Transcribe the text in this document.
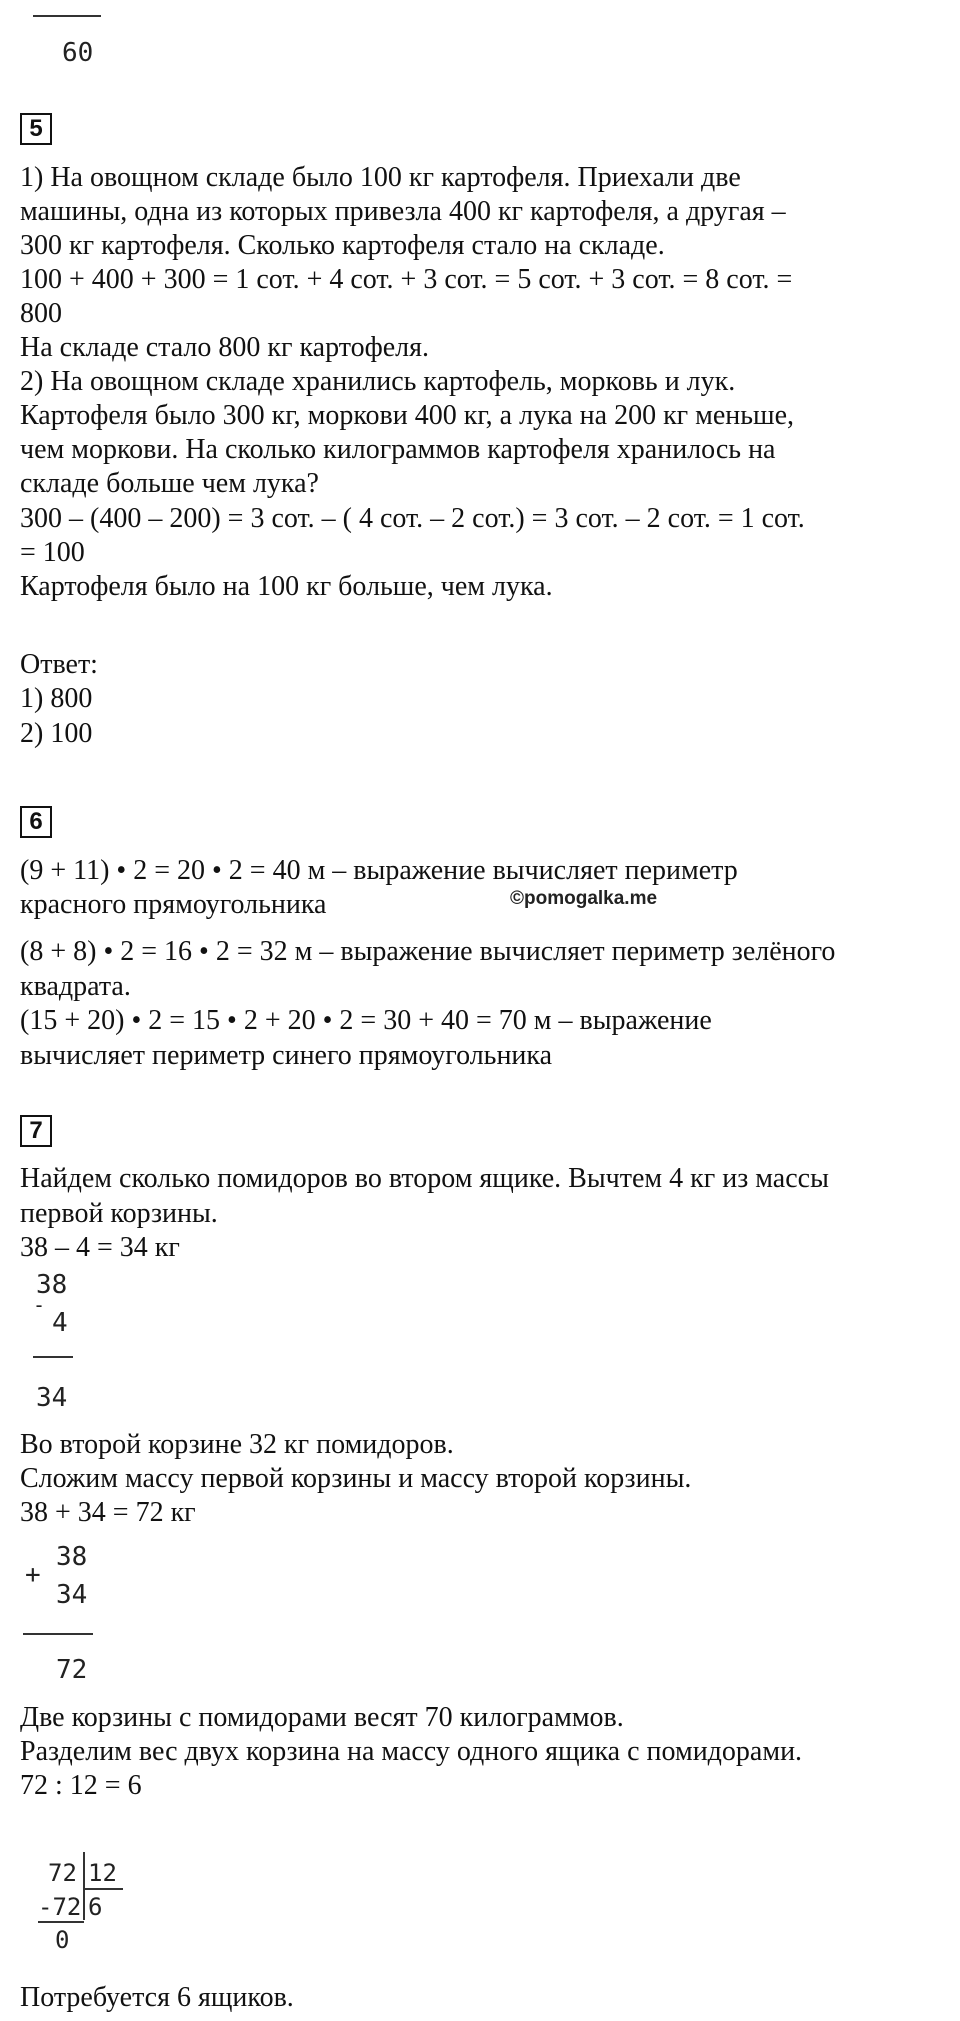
60
5
1) На овощном складе было 100 кг картофеля. Приехали две
машины, одна из которых привезла 400 кг картофеля, а другая –
300 кг картофеля. Сколько картофеля стало на складе.
100 + 400 + 300 = 1 сот. + 4 сот. + 3 сот. = 5 сот. + 3 сот. = 8 сот. =
800
На складе стало 800 кг картофеля.
2) На овощном складе хранились картофель, морковь и лук.
Картофеля было 300 кг, моркови 400 кг, а лука на 200 кг меньше,
чем моркови. На сколько килограммов картофеля хранилось на
складе больше чем лука?
300 – (400 – 200) = 3 сот. – ( 4 сот. – 2 сот.) = 3 сот. – 2 сот. = 1 сот.
= 100
Картофеля было на 100 кг больше, чем лука.
Ответ:
1) 800
2) 100
6
(9 + 11) • 2 = 20 • 2 = 40 м – выражение вычисляет периметр
красного прямоугольника	©pomogalka.me
(8 + 8) • 2 = 16 • 2 = 32 м – выражение вычисляет периметр зелёного
квадрата.
(15 + 20) • 2 = 15 • 2 + 20 • 2 = 30 + 40 = 70 м – выражение
вычисляет периметр синего прямоугольника
7
Найдем сколько помидоров во втором ящике. Вычтем 4 кг из массы
первой корзины.
38 – 4 = 34 кг
38
-
4
34
Во второй корзине 32 кг помидоров.
Сложим массу первой корзины и массу второй корзины.
38 + 34 = 72 кг
38
+
34
72
Две корзины с помидорами весят 70 килограммов.
Разделим вес двух корзина на массу одного ящика с помидорами.
72 : 12 = 6
72 12
-72 6
0
Потребуется 6 ящиков.
